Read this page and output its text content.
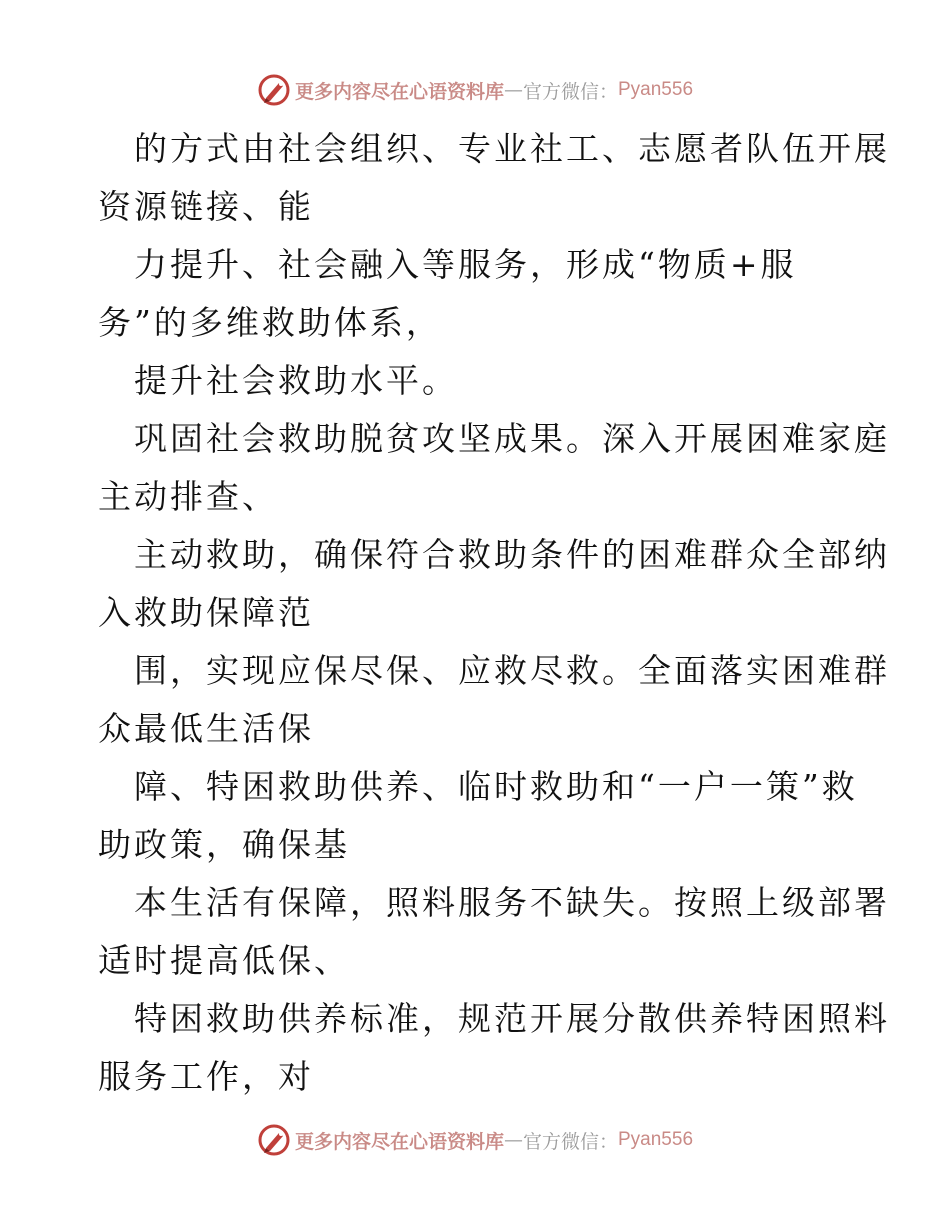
更多内容尽在心语资料库 — 官方微信： Pyan556
的方式由社会组织、专业社工、志愿者队伍开展
资源链接、能
力提升、社会融入等服务，形成“物质+服
务”的多维救助体系，
提升社会救助水平。
巩固社会救助脱贫攻坚成果。深入开展困难家庭
主动排查、
主动救助，确保符合救助条件的困难群众全部纳
入救助保障范
围，实现应保尽保、应救尽救。全面落实困难群
众最低生活保
障、特困救助供养、临时救助和“一户一策”救
助政策，确保基
本生活有保障，照料服务不缺失。按照上级部署
适时提高低保、
特困救助供养标准，规范开展分散供养特困照料
服务工作，对
更多内容尽在心语资料库 — 官方微信： Pyan556
